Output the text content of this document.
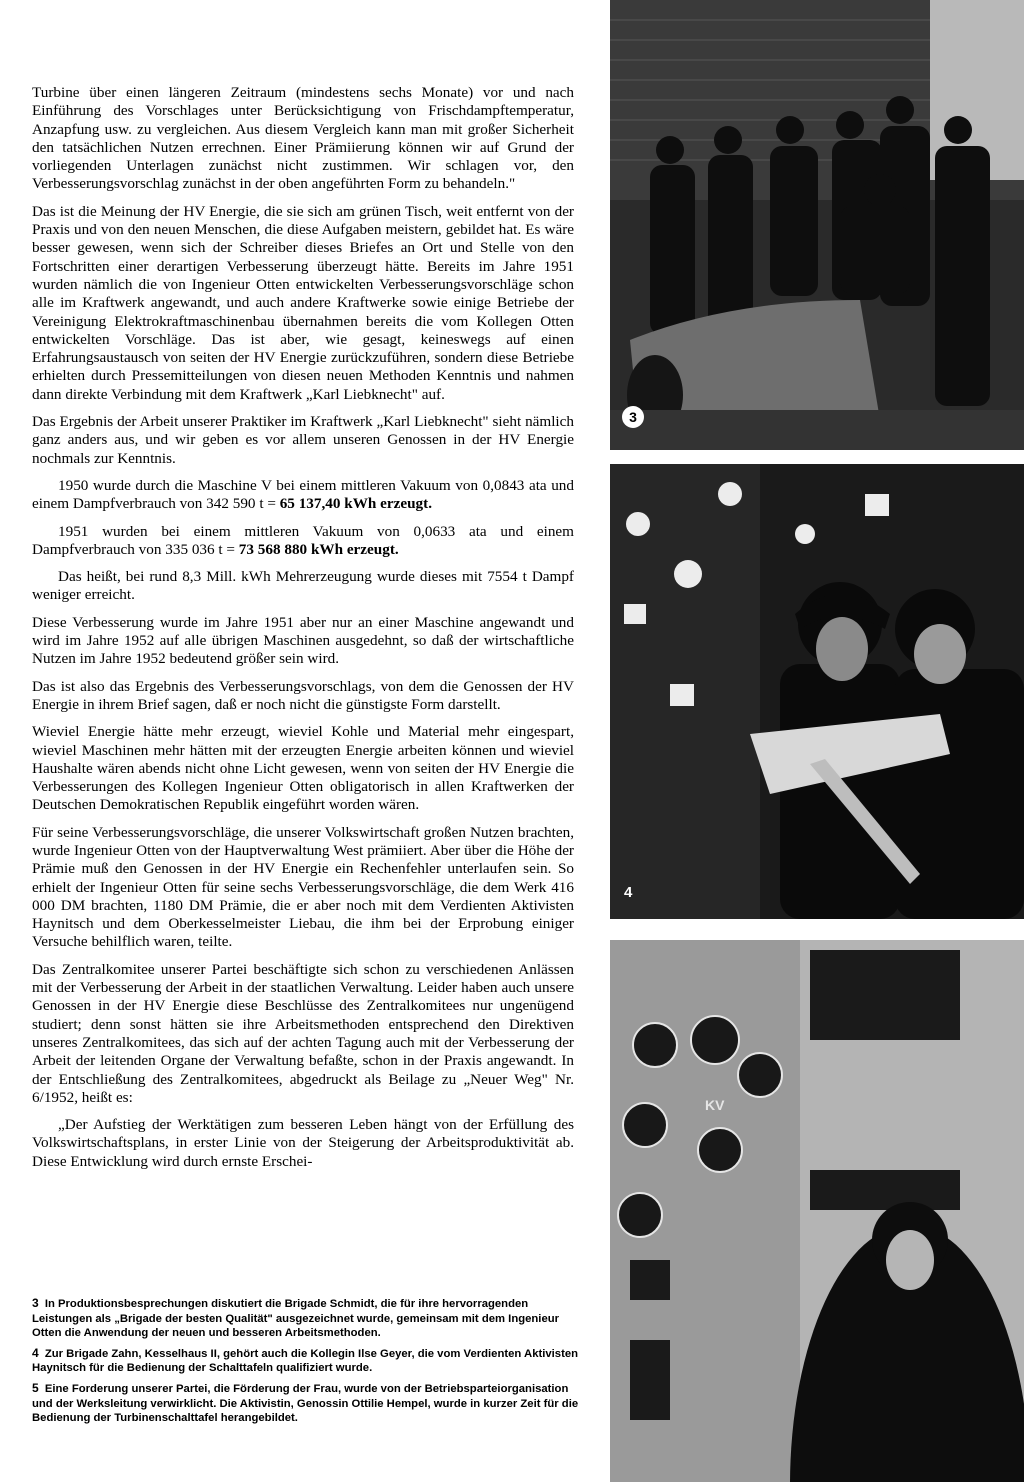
Turbine über einen längeren Zeitraum (mindestens sechs Monate) vor und nach Einführung des Vorschlages unter Berücksichtigung von Frischdampftemperatur, Anzapfung usw. zu vergleichen. Aus diesem Vergleich kann man mit großer Sicherheit den tatsächlichen Nutzen errechnen. Einer Prämiierung können wir auf Grund der vorliegenden Unterlagen zunächst nicht zustimmen. Wir schlagen vor, den Verbesserungsvorschlag zunächst in der oben angeführten Form zu behandeln."

Das ist die Meinung der HV Energie, die sie sich am grünen Tisch, weit entfernt von der Praxis und von den neuen Menschen, die diese Aufgaben meistern, gebildet hat. Es wäre besser gewesen, wenn sich der Schreiber dieses Briefes an Ort und Stelle von den Fortschritten einer derartigen Verbesserung überzeugt hätte. Bereits im Jahre 1951 wurden nämlich die von Ingenieur Otten entwickelten Verbesserungsvorschläge schon alle im Kraftwerk angewandt, und auch andere Kraftwerke sowie einige Betriebe der Vereinigung Elektrokraftmaschinenbau übernahmen bereits die vom Kollegen Otten entwickelten Vorschläge. Das ist aber, wie gesagt, keineswegs auf einen Erfahrungsaustausch von seiten der HV Energie zurückzuführen, sondern diese Betriebe erhielten durch Pressemitteilungen von diesen neuen Methoden Kenntnis und nahmen dann direkte Verbindung mit dem Kraftwerk „Karl Liebknecht" auf.

Das Ergebnis der Arbeit unserer Praktiker im Kraftwerk „Karl Liebknecht" sieht nämlich ganz anders aus, und wir geben es vor allem unseren Genossen in der HV Energie nochmals zur Kenntnis.

1950 wurde durch die Maschine V bei einem mittleren Vakuum von 0,0843 ata und einem Dampfverbrauch von 342 590 t = 65 137,40 kWh erzeugt.

1951 wurden bei einem mittleren Vakuum von 0,0633 ata und einem Dampfverbrauch von 335 036 t = 73 568 880 kWh erzeugt.

Das heißt, bei rund 8,3 Mill. kWh Mehrerzeugung wurde dieses mit 7554 t Dampf weniger erreicht.

Diese Verbesserung wurde im Jahre 1951 aber nur an einer Maschine angewandt und wird im Jahre 1952 auf alle übrigen Maschinen ausgedehnt, so daß der wirtschaftliche Nutzen im Jahre 1952 bedeutend größer sein wird.

Das ist also das Ergebnis des Verbesserungsvorschlags, von dem die Genossen der HV Energie in ihrem Brief sagen, daß er noch nicht die günstigste Form darstellt.

Wieviel Energie hätte mehr erzeugt, wieviel Kohle und Material mehr eingespart, wieviel Maschinen mehr hätten mit der erzeugten Energie arbeiten können und wieviel Haushalte wären abends nicht ohne Licht gewesen, wenn von seiten der HV Energie die Verbesserungen des Kollegen Ingenieur Otten obligatorisch in allen Kraftwerken der Deutschen Demokratischen Republik eingeführt worden wären.

Für seine Verbesserungsvorschläge, die unserer Volkswirtschaft großen Nutzen brachten, wurde Ingenieur Otten von der Hauptverwaltung West prämiiert. Aber über die Höhe der Prämie muß den Genossen in der HV Energie ein Rechenfehler unterlaufen sein. So erhielt der Ingenieur Otten für seine sechs Verbesserungsvorschläge, die dem Werk 416 000 DM brachten, 1180 DM Prämie, die er aber noch mit dem Verdienten Aktivisten Haynitsch und dem Oberkesselmeister Liebau, die ihm bei der Erprobung einiger Versuche behilflich waren, teilte.

Das Zentralkomitee unserer Partei beschäftigte sich schon zu verschiedenen Anlässen mit der Verbesserung der Arbeit in der staatlichen Verwaltung. Leider haben auch unsere Genossen in der HV Energie diese Beschlüsse des Zentralkomitees nur ungenügend studiert; denn sonst hätten sie ihre Arbeitsmethoden entsprechend den Direktiven unseres Zentralkomitees, das sich auf der achten Tagung auch mit der Verbesserung der Arbeit der leitenden Organe der Verwaltung befaßte, schon in der Praxis angewandt. In der Entschließung des Zentralkomitees, abgedruckt als Beilage zu „Neuer Weg" Nr. 6/1952, heißt es:

„Der Aufstieg der Werktätigen zum besseren Leben hängt von der Erfüllung des Volkswirtschaftsplans, in erster Linie von der Steigerung der Arbeitsproduktivität ab. Diese Entwicklung wird durch ernste Erschei-

3 In Produktionsbesprechungen diskutiert die Brigade Schmidt, die für ihre hervorragenden Leistungen als „Brigade der besten Qualität" ausgezeichnet wurde, gemeinsam mit dem Ingenieur Otten die Anwendung der neuen und besseren Arbeitsmethoden.

4 Zur Brigade Zahn, Kesselhaus II, gehört auch die Kollegin Ilse Geyer, die vom Verdienten Aktivisten Haynitsch für die Bedienung der Schalttafeln qualifiziert wurde.

5 Eine Forderung unserer Partei, die Förderung der Frau, wurde von der Betriebsparteiorganisation und der Werksleitung verwirklicht. Die Aktivistin, Genossin Ottilie Hempel, wurde in kurzer Zeit für die Bedienung der Turbinenschalttafel herangebildet.

3
4
KV
